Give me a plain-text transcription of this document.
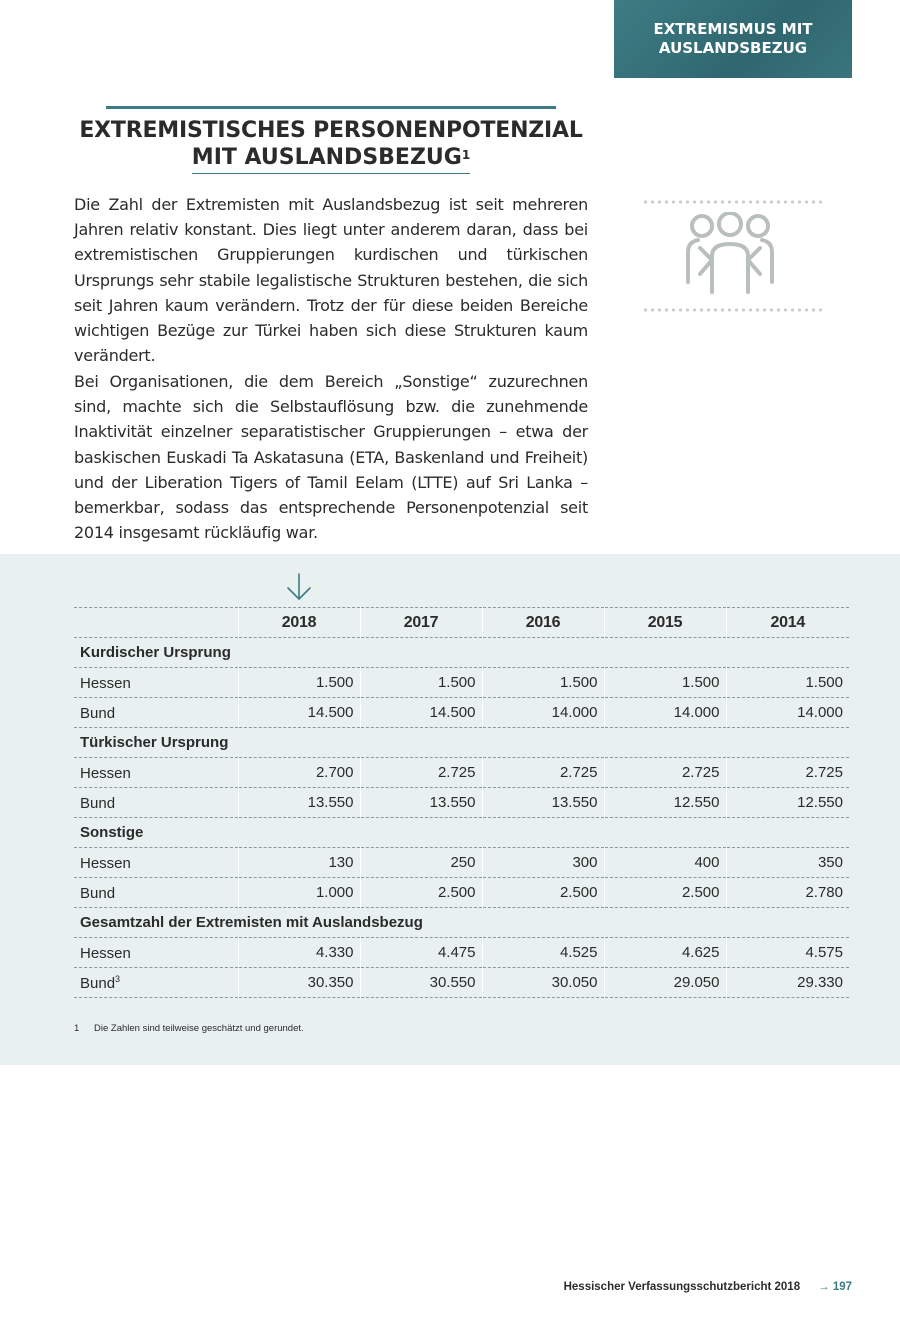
EXTREMISMUS MIT
AUSLANDSBEZUG
EXTREMISTISCHES PERSONENPOTENZIAL
MIT AUSLANDSBEZUG$^1$

Die Zahl der Extremisten mit Auslandsbezug ist seit mehreren Jahren relativ konstant. Dies liegt unter anderem daran, dass bei extremistischen Gruppierungen kurdischen und türkischen Ursprungs sehr stabile legalistische Strukturen bestehen, die sich seit Jahren kaum verändern. Trotz der für diese beiden Bereiche wichtigen Bezüge zur Türkei haben sich diese Strukturen kaum verändert.

Bei Organisationen, die dem Bereich „Sonstige“ zuzurechnen sind, machte sich die Selbstauflösung bzw. die zunehmende Inaktivität einzelner separatistischer Gruppierungen – etwa der baskischen Euskadi Ta Askatasuna (ETA, Baskenland und Freiheit) und der Liberation Tigers of Tamil Eelam (LTTE) auf Sri Lanka – bemerkbar, sodass das entsprechende Personenpotenzial seit 2014 insgesamt rückläufig war.

	2018	2017	2016	2015	2014
Kurdischer Ursprung					
Hessen	1.500	1.500	1.500	1.500	1.500
Bund	14.500	14.500	14.000	14.000	14.000
Türkischer Ursprung					
Hessen	2.700	2.725	2.725	2.725	2.725
Bund	13.550	13.550	13.550	12.550	12.550
Sonstige					
Hessen	130	250	300	400	350
Bund	1.000	2.500	2.500	2.500	2.780
Gesamtzahl der Extremisten mit Auslandsbezug					
Hessen	4.330	4.475	4.525	4.625	4.575
Bund$^3$	30.350	30.550	30.050	29.050	29.330
1 Die Zahlen sind teilweise geschätzt und gerundet.
Hessischer Verfassungsschutzbericht 2018 → 197
